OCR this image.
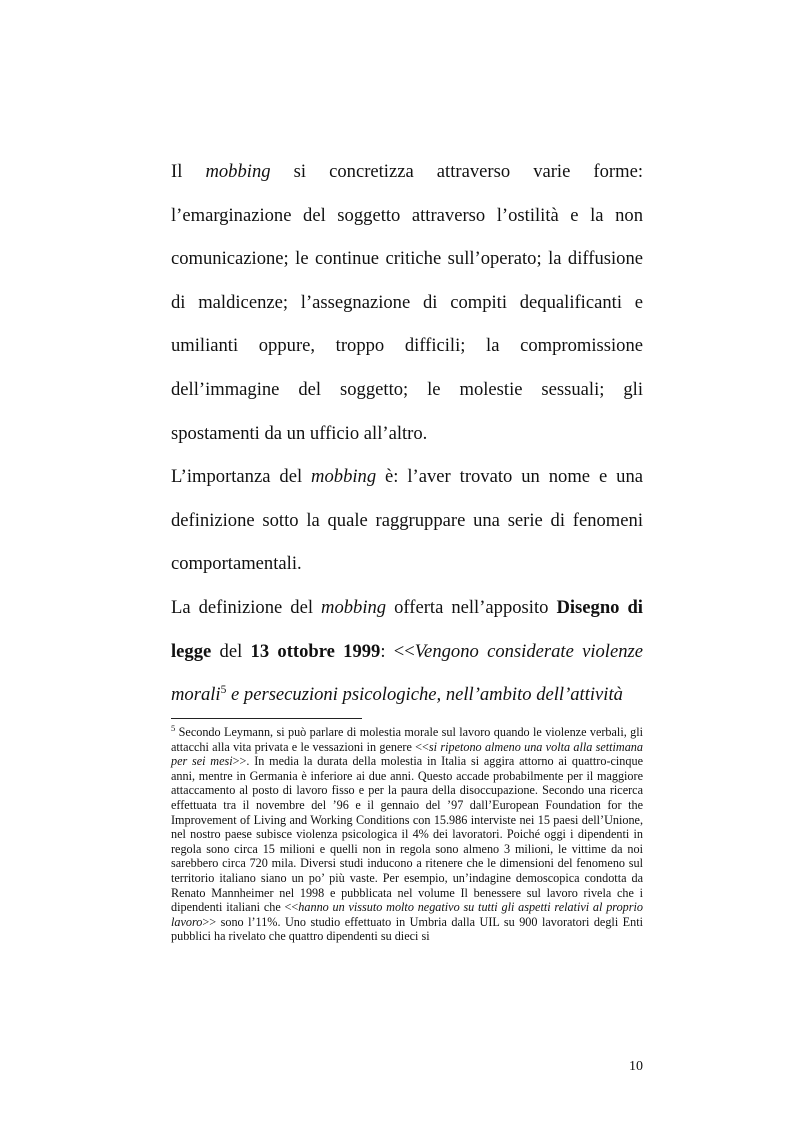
Il mobbing si concretizza attraverso varie forme: l’emarginazione del soggetto attraverso l’ostilità e la non comunicazione; le continue critiche sull’operato; la diffusione di maldicenze; l’assegnazione di compiti dequalificanti e umilianti oppure, troppo difficili; la compromissione dell’immagine del soggetto; le molestie sessuali; gli spostamenti da un ufficio all’altro.

L’importanza del mobbing è: l’aver trovato un nome e una definizione sotto la quale raggruppare una serie di fenomeni comportamentali.

La definizione del mobbing offerta nell’apposito Disegno di legge del 13 ottobre 1999: <<Vengono considerate violenze morali$^5$ e persecuzioni psicologiche, nell’ambito dell’attività

$^5$ Secondo Leymann, si può parlare di molestia morale sul lavoro quando le violenze verbali, gli attacchi alla vita privata e le vessazioni in genere <<si ripetono almeno una volta alla settimana per sei mesi>>. In media la durata della molestia in Italia si aggira attorno ai quattro-cinque anni, mentre in Germania è inferiore ai due anni. Questo accade probabilmente per il maggiore attaccamento al posto di lavoro fisso e per la paura della disoccupazione. Secondo una ricerca effettuata tra il novembre del ’96 e il gennaio del ’97 dall’European Foundation for the Improvement of Living and Working Conditions con 15.986 interviste nei 15 paesi dell’Unione, nel nostro paese subisce violenza psicologica il 4% dei lavoratori. Poiché oggi i dipendenti in regola sono circa 15 milioni e quelli non in regola sono almeno 3 milioni, le vittime da noi sarebbero circa 720 mila. Diversi studi inducono a ritenere che le dimensioni del fenomeno sul territorio italiano siano un po’ più vaste. Per esempio, un’indagine demoscopica condotta da Renato Mannheimer nel 1998 e pubblicata nel volume Il benessere sul lavoro rivela che i dipendenti italiani che <<hanno un vissuto molto negativo su tutti gli aspetti relativi al proprio lavoro>> sono l’11%. Uno studio effettuato in Umbria dalla UIL su 900 lavoratori degli Enti pubblici ha rivelato che quattro dipendenti su dieci si

10
